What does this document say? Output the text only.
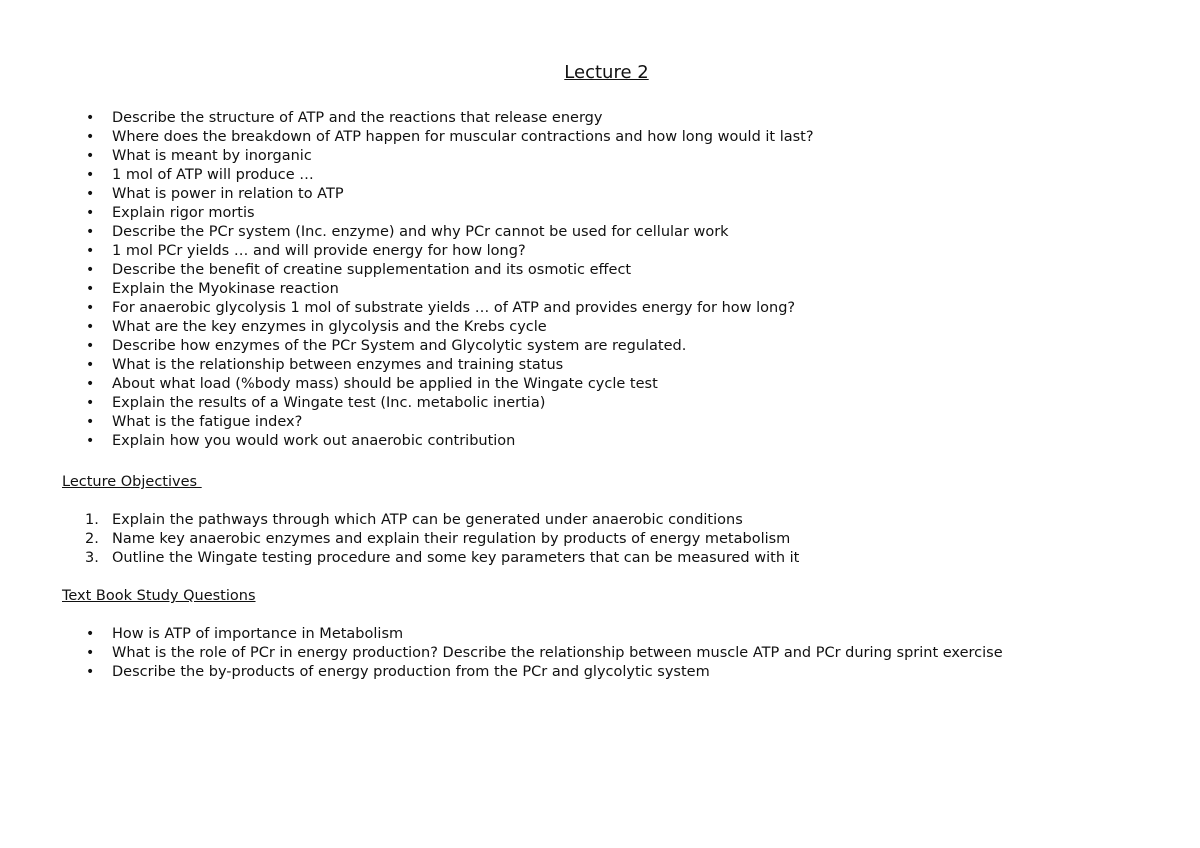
Lecture 2
• Describe the structure of ATP and the reactions that release energy
• Where does the breakdown of ATP happen for muscular contractions and how long would it last?
• What is meant by inorganic
• 1 mol of ATP will produce …
• What is power in relation to ATP
• Explain rigor mortis
• Describe the PCr system (Inc. enzyme) and why PCr cannot be used for cellular work
• 1 mol PCr yields … and will provide energy for how long?
• Describe the benefit of creatine supplementation and its osmotic effect
• Explain the Myokinase reaction
• For anaerobic glycolysis 1 mol of substrate yields … of ATP and provides energy for how long?
• What are the key enzymes in glycolysis and the Krebs cycle
• Describe how enzymes of the PCr System and Glycolytic system are regulated.
• What is the relationship between enzymes and training status
• About what load (%body mass) should be applied in the Wingate cycle test
• Explain the results of a Wingate test (Inc. metabolic inertia)
• What is the fatigue index?
• Explain how you would work out anaerobic contribution
Lecture Objectives
1. Explain the pathways through which ATP can be generated under anaerobic conditions
2. Name key anaerobic enzymes and explain their regulation by products of energy metabolism
3. Outline the Wingate testing procedure and some key parameters that can be measured with it
Text Book Study Questions
• How is ATP of importance in Metabolism
• What is the role of PCr in energy production? Describe the relationship between muscle ATP and PCr during sprint exercise
• Describe the by-products of energy production from the PCr and glycolytic system
